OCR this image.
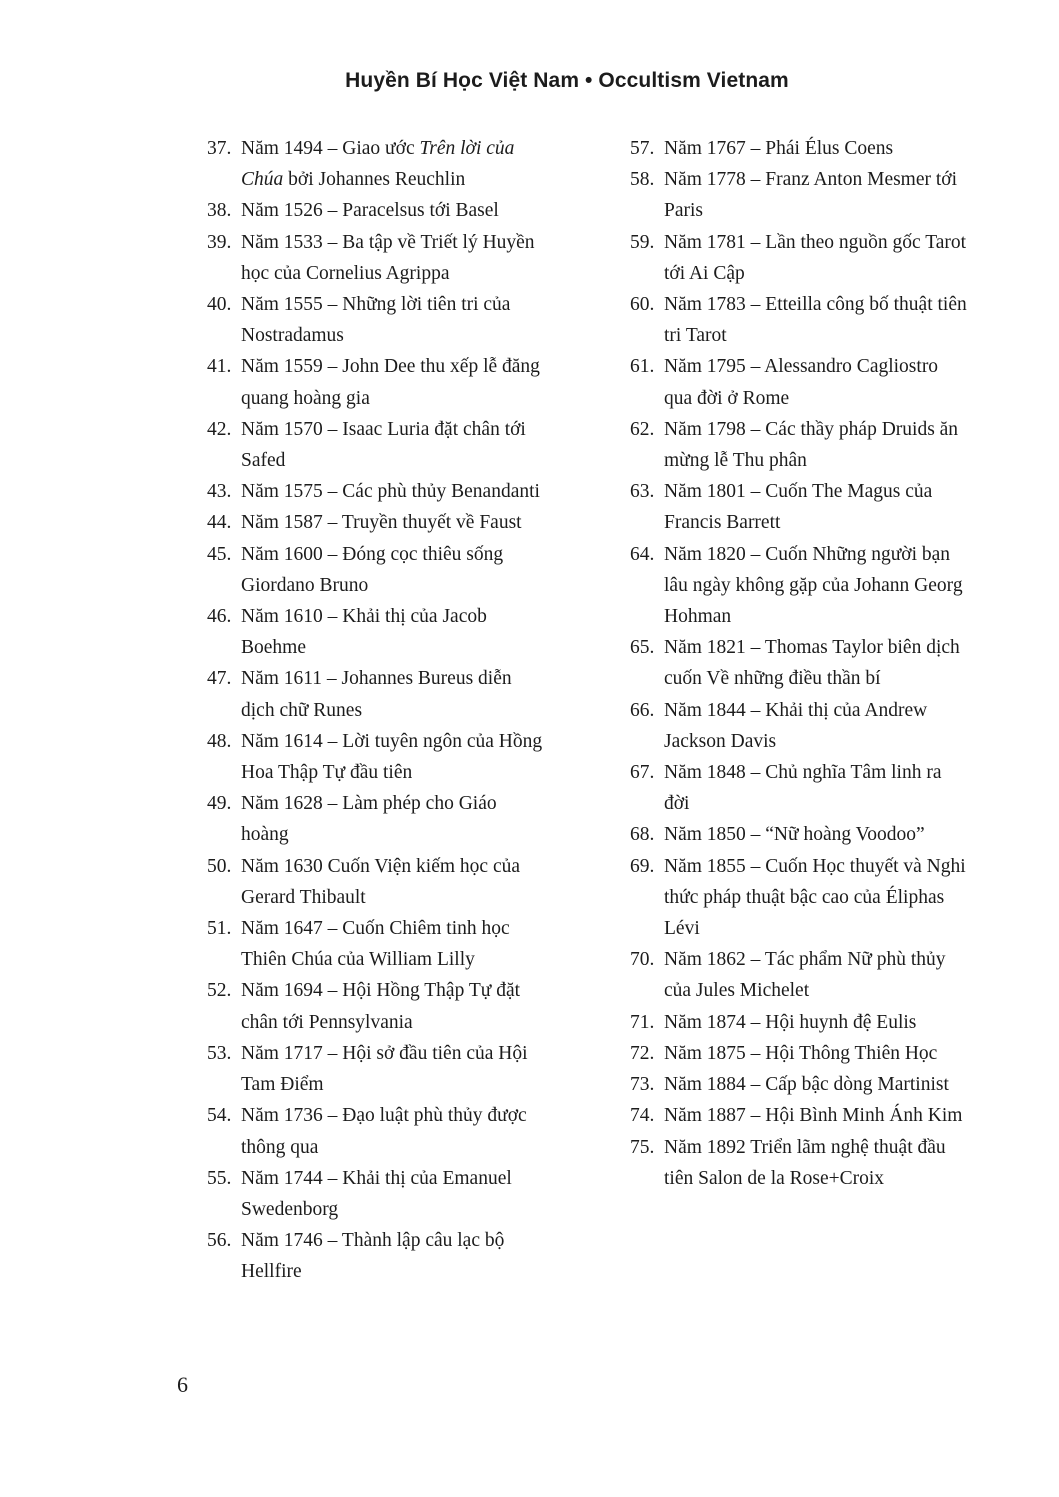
Huyền Bí Học Việt Nam • Occultism Vietnam
37. Năm 1494 – Giao ước Trên lời của Chúa bởi Johannes Reuchlin
38. Năm 1526 – Paracelsus tới Basel
39. Năm 1533 – Ba tập về Triết lý Huyền học của Cornelius Agrippa
40. Năm 1555 – Những lời tiên tri của Nostradamus
41. Năm 1559 – John Dee thu xếp lễ đăng quang hoàng gia
42. Năm 1570 – Isaac Luria đặt chân tới Safed
43. Năm 1575 – Các phù thủy Benandanti
44. Năm 1587 – Truyền thuyết về Faust
45. Năm 1600 – Đóng cọc thiêu sống Giordano Bruno
46. Năm 1610 – Khải thị của Jacob Boehme
47. Năm 1611 – Johannes Bureus diễn dịch chữ Runes
48. Năm 1614 – Lời tuyên ngôn của Hồng Hoa Thập Tự đầu tiên
49. Năm 1628 – Làm phép cho Giáo hoàng
50. Năm 1630 Cuốn Viện kiếm học của Gerard Thibault
51. Năm 1647 – Cuốn Chiêm tinh học Thiên Chúa của William Lilly
52. Năm 1694 – Hội Hồng Thập Tự đặt chân tới Pennsylvania
53. Năm 1717 – Hội sở đầu tiên của Hội Tam Điểm
54. Năm 1736 – Đạo luật phù thủy được thông qua
55. Năm 1744 – Khải thị của Emanuel Swedenborg
56. Năm 1746 – Thành lập câu lạc bộ Hellfire
57. Năm 1767 – Phái Élus Coens
58. Năm 1778 – Franz Anton Mesmer tới Paris
59. Năm 1781 – Lần theo nguồn gốc Tarot tới Ai Cập
60. Năm 1783 – Etteilla công bố thuật tiên tri Tarot
61. Năm 1795 – Alessandro Cagliostro qua đời ở Rome
62. Năm 1798 – Các thầy pháp Druids ăn mừng lễ Thu phân
63. Năm 1801 – Cuốn The Magus của Francis Barrett
64. Năm 1820 – Cuốn Những người bạn lâu ngày không gặp của Johann Georg Hohman
65. Năm 1821 – Thomas Taylor biên dịch cuốn Về những điều thần bí
66. Năm 1844 – Khải thị của Andrew Jackson Davis
67. Năm 1848 – Chủ nghĩa Tâm linh ra đời
68. Năm 1850 – “Nữ hoàng Voodoo”
69. Năm 1855 – Cuốn Học thuyết và Nghi thức pháp thuật bậc cao của Éliphas Lévi
70. Năm 1862 – Tác phẩm Nữ phù thủy của Jules Michelet
71. Năm 1874 – Hội huynh đệ Eulis
72. Năm 1875 – Hội Thông Thiên Học
73. Năm 1884 – Cấp bậc dòng Martinist
74. Năm 1887 – Hội Bình Minh Ánh Kim
75. Năm 1892 Triển lãm nghệ thuật đầu tiên Salon de la Rose+Croix
6
